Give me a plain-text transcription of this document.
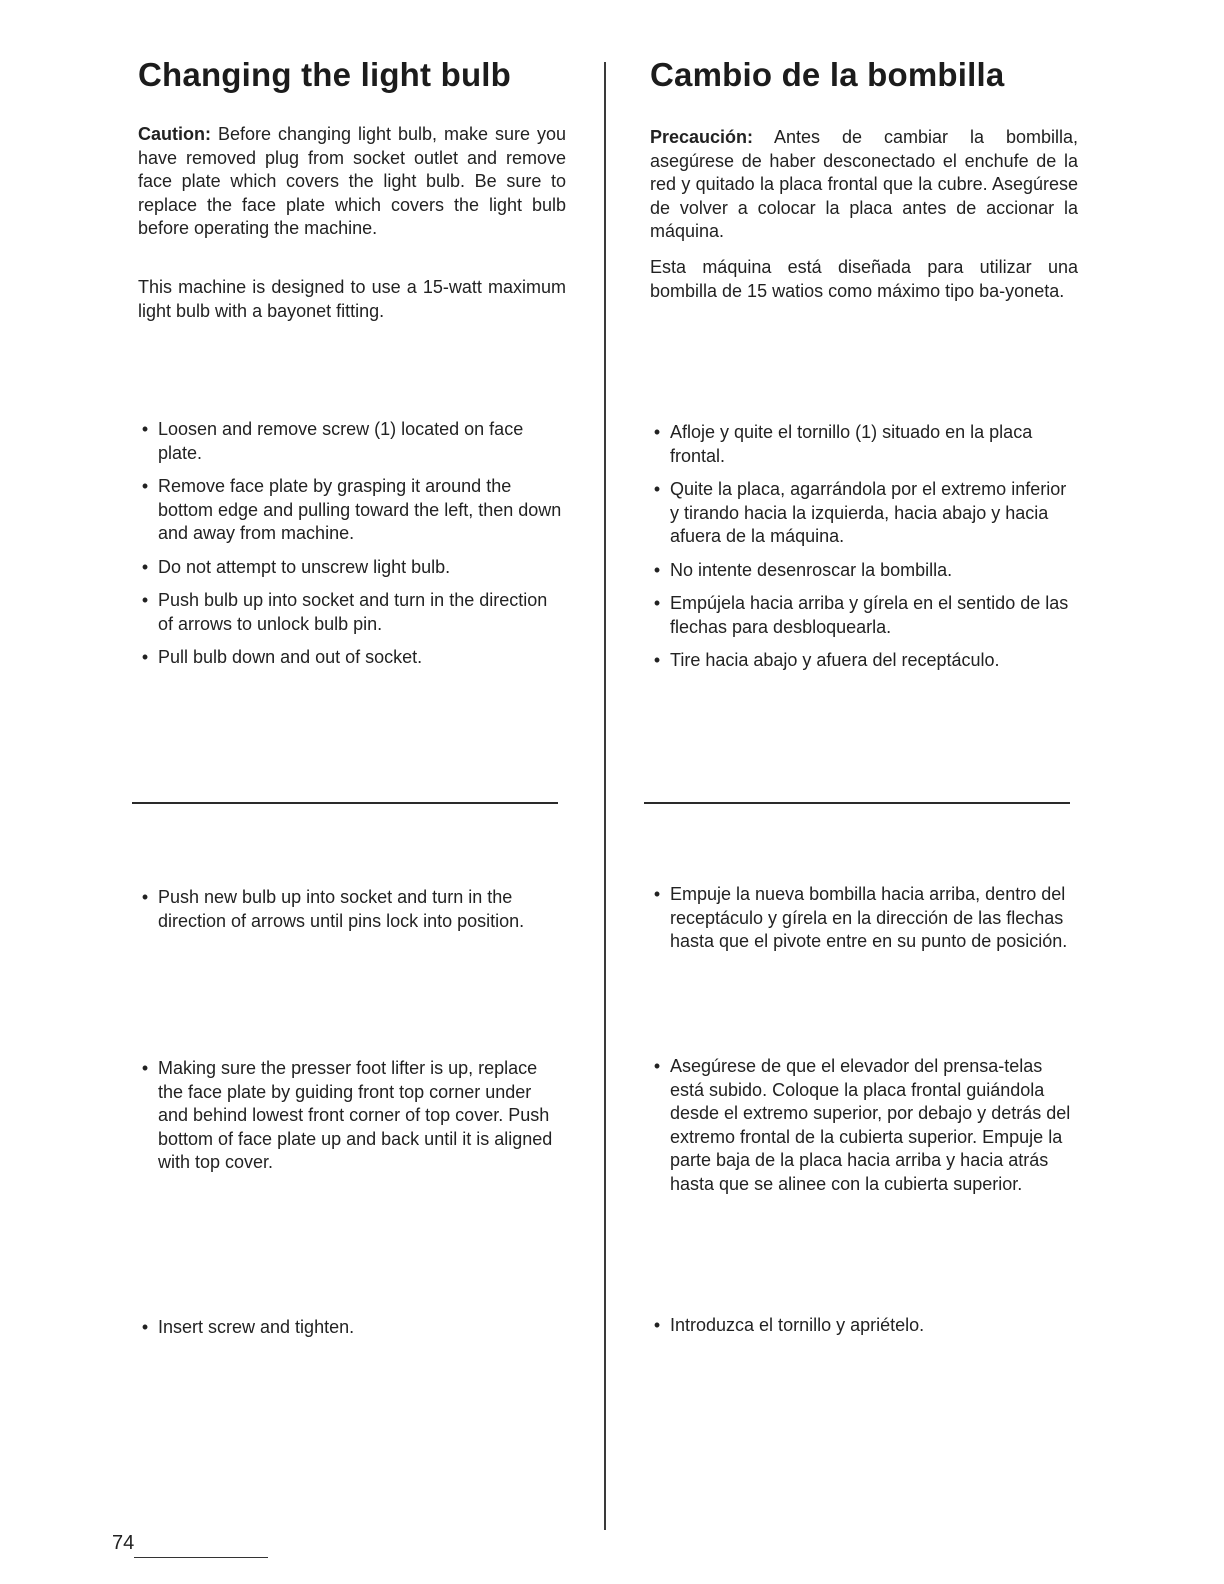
Changing the light bulb

Caution: Before changing light bulb, make sure you have removed plug from socket outlet and remove face plate which covers the light bulb. Be sure to replace the face plate which covers the light bulb before operating the machine.

This machine is designed to use a 15-watt maximum light bulb with a bayonet fitting.

• Loosen and remove screw (1) located on face plate.
• Remove face plate by grasping it around the bottom edge and pulling toward the left, then down and away from machine.
• Do not attempt to unscrew light bulb.
• Push bulb up into socket and turn in the direction of arrows to unlock bulb pin.
• Pull bulb down and out of socket.
• Push new bulb up into socket and turn in the direction of arrows until pins lock into position.
• Making sure the presser foot lifter is up, replace the face plate by guiding front top corner under and behind lowest front corner of top cover. Push bottom of face plate up and back until it is aligned with top cover.
• Insert screw and tighten.
Cambio de la bombilla

Precaución: Antes de cambiar la bombilla, asegúrese de haber desconectado el enchufe de la red y quitado la placa frontal que la cubre. Asegúrese de volver a colocar la placa antes de accionar la máquina.

Esta máquina está diseñada para utilizar una bombilla de 15 watios como máximo tipo ba-yoneta.

• Afloje y quite el tornillo (1) situado en la placa frontal.
• Quite la placa, agarrándola por el extremo inferior y tirando hacia la izquierda, hacia abajo y hacia afuera de la máquina.
• No intente desenroscar la bombilla.
• Empújela hacia arriba y gírela en el sentido de las flechas para desbloquearla.
• Tire hacia abajo y afuera del receptáculo.
• Empuje la nueva bombilla hacia arriba, dentro del receptáculo y gírela en la dirección de las flechas hasta que el pivote entre en su punto de posición.
• Asegúrese de que el elevador del prensa-telas está subido. Coloque la placa frontal guiándola desde el extremo superior, por debajo y detrás del extremo frontal de la cubierta superior. Empuje la parte baja de la placa hacia arriba y hacia atrás hasta que se alinee con la cubierta superior.
• Introduzca el tornillo y apriételo.
74
